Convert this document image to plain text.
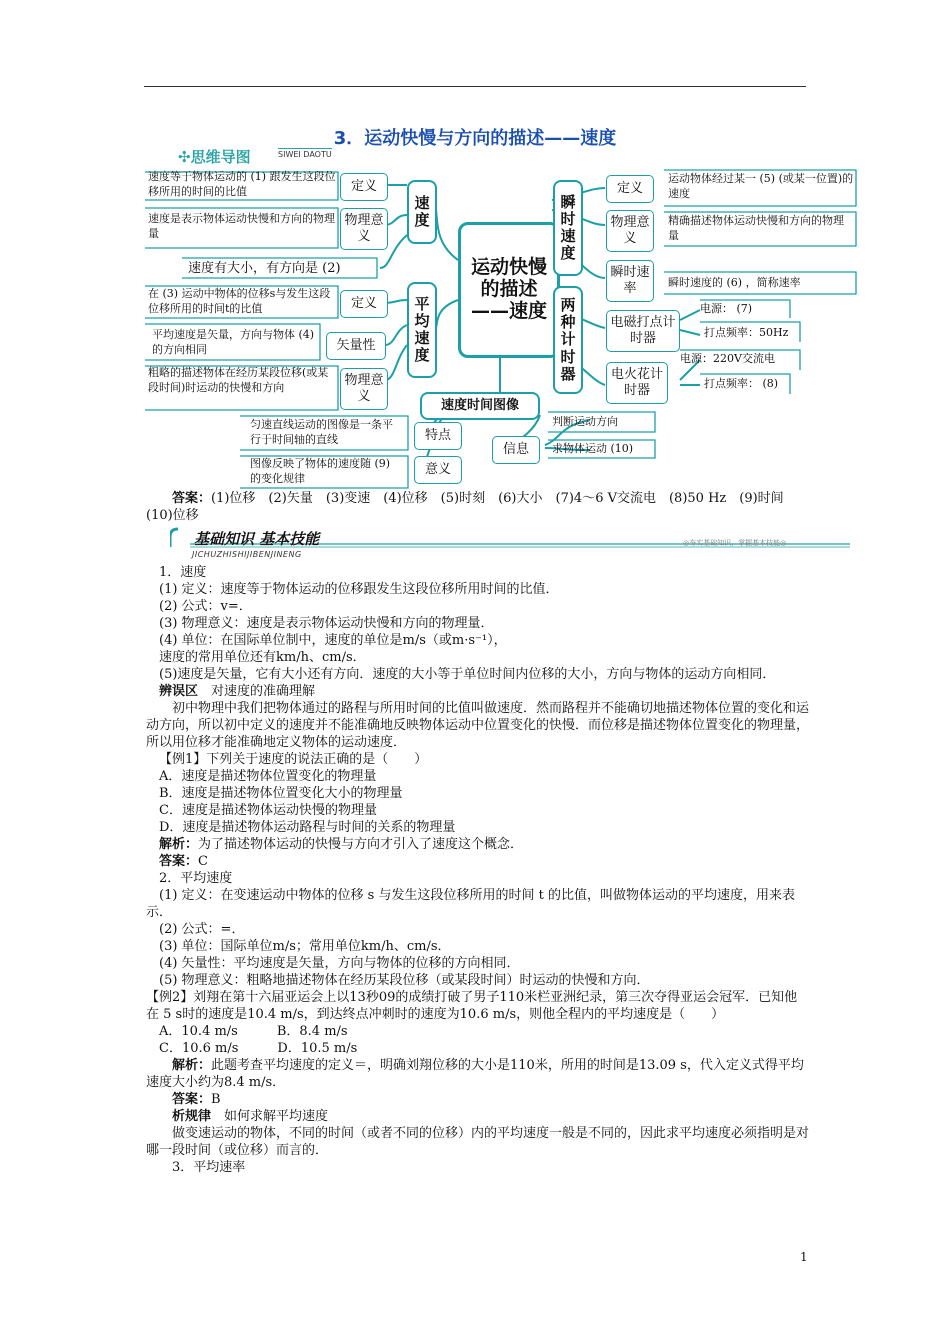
3．运动快慢与方向的描述——速度
✣思维导图	SIWEI DAOTU
运动快慢的描述——速度
速度
定义
物理意义
速度等于物体运动的 (1) 跟发生这段位移所用的时间的比值
速度是表示物体运动快慢和方向的物理量
速度有大小，有方向是 (2)
平均速度
定义
矢量性
物理意义
在 (3) 运动中物体的位移s与发生这段位移所用的时间t的比值
平均速度是矢量，方向与物体 (4) 的方向相同
粗略的描述物体在经历某段位移(或某段时间)时运动的快慢和方向
瞬时速度
定义
物理意义
瞬时速率
运动物体经过某一 (5) (或某一位置)的速度
精确描述物体运动快慢和方向的物理量
瞬时速度的 (6) ，简称速率
两种计时器
电磁打点计时器
电火花计时器
电源： (7)
打点频率：50Hz
电源：220V交流电
打点频率： (8)
速度时间图像
特点
意义
信息
匀速直线运动的图像是一条平行于时间轴的直线
图像反映了物体的速度随 (9) 的变化规律
判断运动方向
求物体运动 (10)

答案：(1)位移　(2)矢量　(3)变速　(4)位移　(5)时刻　(6)大小　(7)4～6 V交流电　(8)50 Hz　(9)时间　(10)位移

基础知识 基本技能
JICHUZHISHIJIBENJINENG
◎夯实基础知识，掌握基本技能◎

1．速度

(1) 定义：速度等于物体运动的位移跟发生这段位移所用时间的比值．

(2) 公式：v=．

(3) 物理意义：速度是表示物体运动快慢和方向的物理量．

(4) 单位：在国际单位制中，速度的单位是m/s（或m·s⁻¹），

速度的常用单位还有km/h、cm/s．

(5)速度是矢量，它有大小还有方向．速度的大小等于单位时间内位移的大小，方向与物体的运动方向相同．

辨误区　对速度的准确理解

初中物理中我们把物体通过的路程与所用时间的比值叫做速度．然而路程并不能确切地描述物体位置的变化和运动方向，所以初中定义的速度并不能准确地反映物体运动中位置变化的快慢．而位移是描述物体位置变化的物理量，所以用位移才能准确地定义物体的运动速度．

【例1】下列关于速度的说法正确的是（　　）

A．速度是描述物体位置变化的物理量

B．速度是描述物体位置变化大小的物理量

C．速度是描述物体运动快慢的物理量

D．速度是描述物体运动路程与时间的关系的物理量

解析：为了描述物体运动的快慢与方向才引入了速度这个概念．

答案：C

2．平均速度

(1) 定义：在变速运动中物体的位移 s 与发生这段位移所用的时间 t 的比值，叫做物体运动的平均速度，用来表示．

(2) 公式：=．

(3) 单位：国际单位m/s；常用单位km/h、cm/s．

(4) 矢量性：平均速度是矢量，方向与物体的位移的方向相同．

(5) 物理意义：粗略地描述物体在经历某段位移（或某段时间）时运动的快慢和方向．

【例2】刘翔在第十六届亚运会上以13秒09的成绩打破了男子110米栏亚洲纪录，第三次夺得亚运会冠军．已知他在 5 s时的速度是10.4 m/s，到达终点冲刺时的速度为10.6 m/s，则他全程内的平均速度是（　　）

A．10.4 m/s　　　B．8.4 m/s

C．10.6 m/s　　　D．10.5 m/s

解析：此题考查平均速度的定义＝，明确刘翔位移的大小是110米，所用的时间是13.09 s，代入定义式得平均速度大小约为8.4 m/s．

答案：B

析规律　如何求解平均速度

做变速运动的物体，不同的时间（或者不同的位移）内的平均速度一般是不同的，因此求平均速度必须指明是对哪一段时间（或位移）而言的．

3．平均速率

1
